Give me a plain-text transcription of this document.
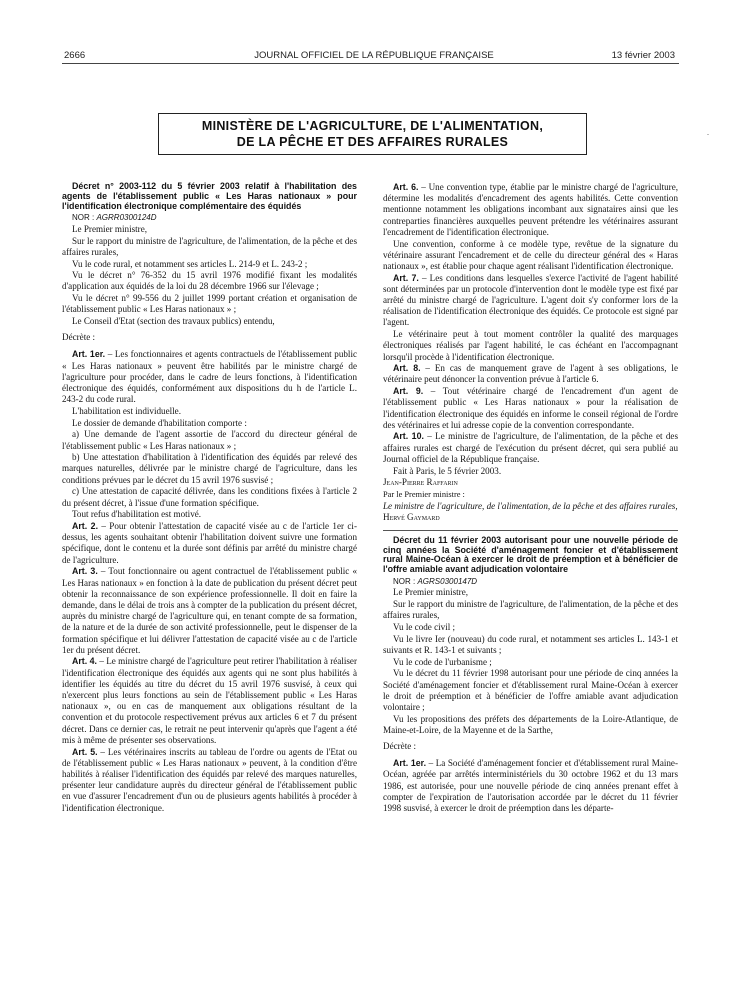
2666	JOURNAL OFFICIEL DE LA RÉPUBLIQUE FRANÇAISE	13 février 2003
MINISTÈRE DE L'AGRICULTURE, DE L'ALIMENTATION,
DE LA PÊCHE ET DES AFFAIRES RURALES
.

Décret n° 2003-112 du 5 février 2003 relatif à l'habilitation des agents de l'établissement public « Les Haras nationaux » pour l'identification électronique complémentaire des équidés

NOR : AGRR0300124D

Le Premier ministre,

Sur le rapport du ministre de l'agriculture, de l'alimentation, de la pêche et des affaires rurales,

Vu le code rural, et notamment ses articles L. 214-9 et L. 243-2 ;

Vu le décret n° 76-352 du 15 avril 1976 modifié fixant les modalités d'application aux équidés de la loi du 28 décembre 1966 sur l'élevage ;

Vu le décret n° 99-556 du 2 juillet 1999 portant création et organisation de l'établissement public « Les Haras nationaux » ;

Le Conseil d'Etat (section des travaux publics) entendu,

Décrète :

Art. 1er. – Les fonctionnaires et agents contractuels de l'établissement public « Les Haras nationaux » peuvent être habilités par le ministre chargé de l'agriculture pour procéder, dans le cadre de leurs fonctions, à l'identification électronique des équidés, conformément aux dispositions du h de l'article L. 243-2 du code rural.

L'habilitation est individuelle.

Le dossier de demande d'habilitation comporte :

a) Une demande de l'agent assortie de l'accord du directeur général de l'établissement public « Les Haras nationaux » ;

b) Une attestation d'habilitation à l'identification des équidés par relevé des marques naturelles, délivrée par le ministre chargé de l'agriculture, dans les conditions prévues par le décret du 15 avril 1976 susvisé ;

c) Une attestation de capacité délivrée, dans les conditions fixées à l'article 2 du présent décret, à l'issue d'une formation spécifique.

Tout refus d'habilitation est motivé.

Art. 2. – Pour obtenir l'attestation de capacité visée au c de l'article 1er ci-dessus, les agents souhaitant obtenir l'habilitation doivent suivre une formation spécifique, dont le contenu et la durée sont définis par arrêté du ministre chargé de l'agriculture.

Art. 3. – Tout fonctionnaire ou agent contractuel de l'établissement public « Les Haras nationaux » en fonction à la date de publication du présent décret peut obtenir la reconnaissance de son expérience professionnelle. Il doit en faire la demande, dans le délai de trois ans à compter de la publication du présent décret, auprès du ministre chargé de l'agriculture qui, en tenant compte de sa formation, de la nature et de la durée de son activité professionnelle, peut le dispenser de la formation spécifique et lui délivrer l'attestation de capacité visée au c de l'article 1er du présent décret.

Art. 4. – Le ministre chargé de l'agriculture peut retirer l'habilitation à réaliser l'identification électronique des équidés aux agents qui ne sont plus habilités à identifier les équidés au titre du décret du 15 avril 1976 susvisé, à ceux qui n'exercent plus leurs fonctions au sein de l'établissement public « Les Haras nationaux », ou en cas de manquement aux obligations résultant de la convention et du protocole respectivement prévus aux articles 6 et 7 du présent décret. Dans ce dernier cas, le retrait ne peut intervenir qu'après que l'agent a été mis à même de présenter ses observations.

Art. 5. – Les vétérinaires inscrits au tableau de l'ordre ou agents de l'Etat ou de l'établissement public « Les Haras nationaux » peuvent, à la condition d'être habilités à réaliser l'identification des équidés par relevé des marques naturelles, présenter leur candidature auprès du directeur général de l'établissement public en vue d'assurer l'encadrement d'un ou de plusieurs agents habilités à procéder à l'identification électronique.

Art. 6. – Une convention type, établie par le ministre chargé de l'agriculture, détermine les modalités d'encadrement des agents habilités. Cette convention mentionne notamment les obligations incombant aux signataires ainsi que les contreparties financières auxquelles peuvent prétendre les vétérinaires assurant l'encadrement de l'identification électronique.

Une convention, conforme à ce modèle type, revêtue de la signature du vétérinaire assurant l'encadrement et de celle du directeur général des « Haras nationaux », est établie pour chaque agent réalisant l'identification électronique.

Art. 7. – Les conditions dans lesquelles s'exerce l'activité de l'agent habilité sont déterminées par un protocole d'intervention dont le modèle type est fixé par arrêté du ministre chargé de l'agriculture. L'agent doit s'y conformer lors de la réalisation de l'identification électronique des équidés. Ce protocole est signé par l'agent.

Le vétérinaire peut à tout moment contrôler la qualité des marquages électroniques réalisés par l'agent habilité, le cas échéant en l'accompagnant lorsqu'il procède à l'identification électronique.

Art. 8. – En cas de manquement grave de l'agent à ses obligations, le vétérinaire peut dénoncer la convention prévue à l'article 6.

Art. 9. – Tout vétérinaire chargé de l'encadrement d'un agent de l'établissement public « Les Haras nationaux » pour la réalisation de l'identification électronique des équidés en informe le conseil régional de l'ordre des vétérinaires et lui adresse copie de la convention correspondante.

Art. 10. – Le ministre de l'agriculture, de l'alimentation, de la pêche et des affaires rurales est chargé de l'exécution du présent décret, qui sera publié au Journal officiel de la République française.

Fait à Paris, le 5 février 2003.

Jean-Pierre Raffarin

Par le Premier ministre :

Le ministre de l'agriculture, de l'alimentation, de la pêche et des affaires rurales,

Hervé Gaymard

Décret du 11 février 2003 autorisant pour une nouvelle période de cinq années la Société d'aménagement foncier et d'établissement rural Maine-Océan à exercer le droit de préemption et à bénéficier de l'offre amiable avant adjudication volontaire

NOR : AGRS0300147D

Le Premier ministre,

Sur le rapport du ministre de l'agriculture, de l'alimentation, de la pêche et des affaires rurales,

Vu le code civil ;

Vu le livre Ier (nouveau) du code rural, et notamment ses articles L. 143-1 et suivants et R. 143-1 et suivants ;

Vu le code de l'urbanisme ;

Vu le décret du 11 février 1998 autorisant pour une période de cinq années la Société d'aménagement foncier et d'établissement rural Maine-Océan à exercer le droit de préemption et à bénéficier de l'offre amiable avant adjudication volontaire ;

Vu les propositions des préfets des départements de la Loire-Atlantique, de Maine-et-Loire, de la Mayenne et de la Sarthe,

Décrète :

Art. 1er. – La Société d'aménagement foncier et d'établissement rural Maine-Océan, agréée par arrêtés interministériels du 30 octobre 1962 et du 13 mars 1986, est autorisée, pour une nouvelle période de cinq années prenant effet à compter de l'expiration de l'autorisation accordée par le décret du 11 février 1998 susvisé, à exercer le droit de préemption dans les départe-
